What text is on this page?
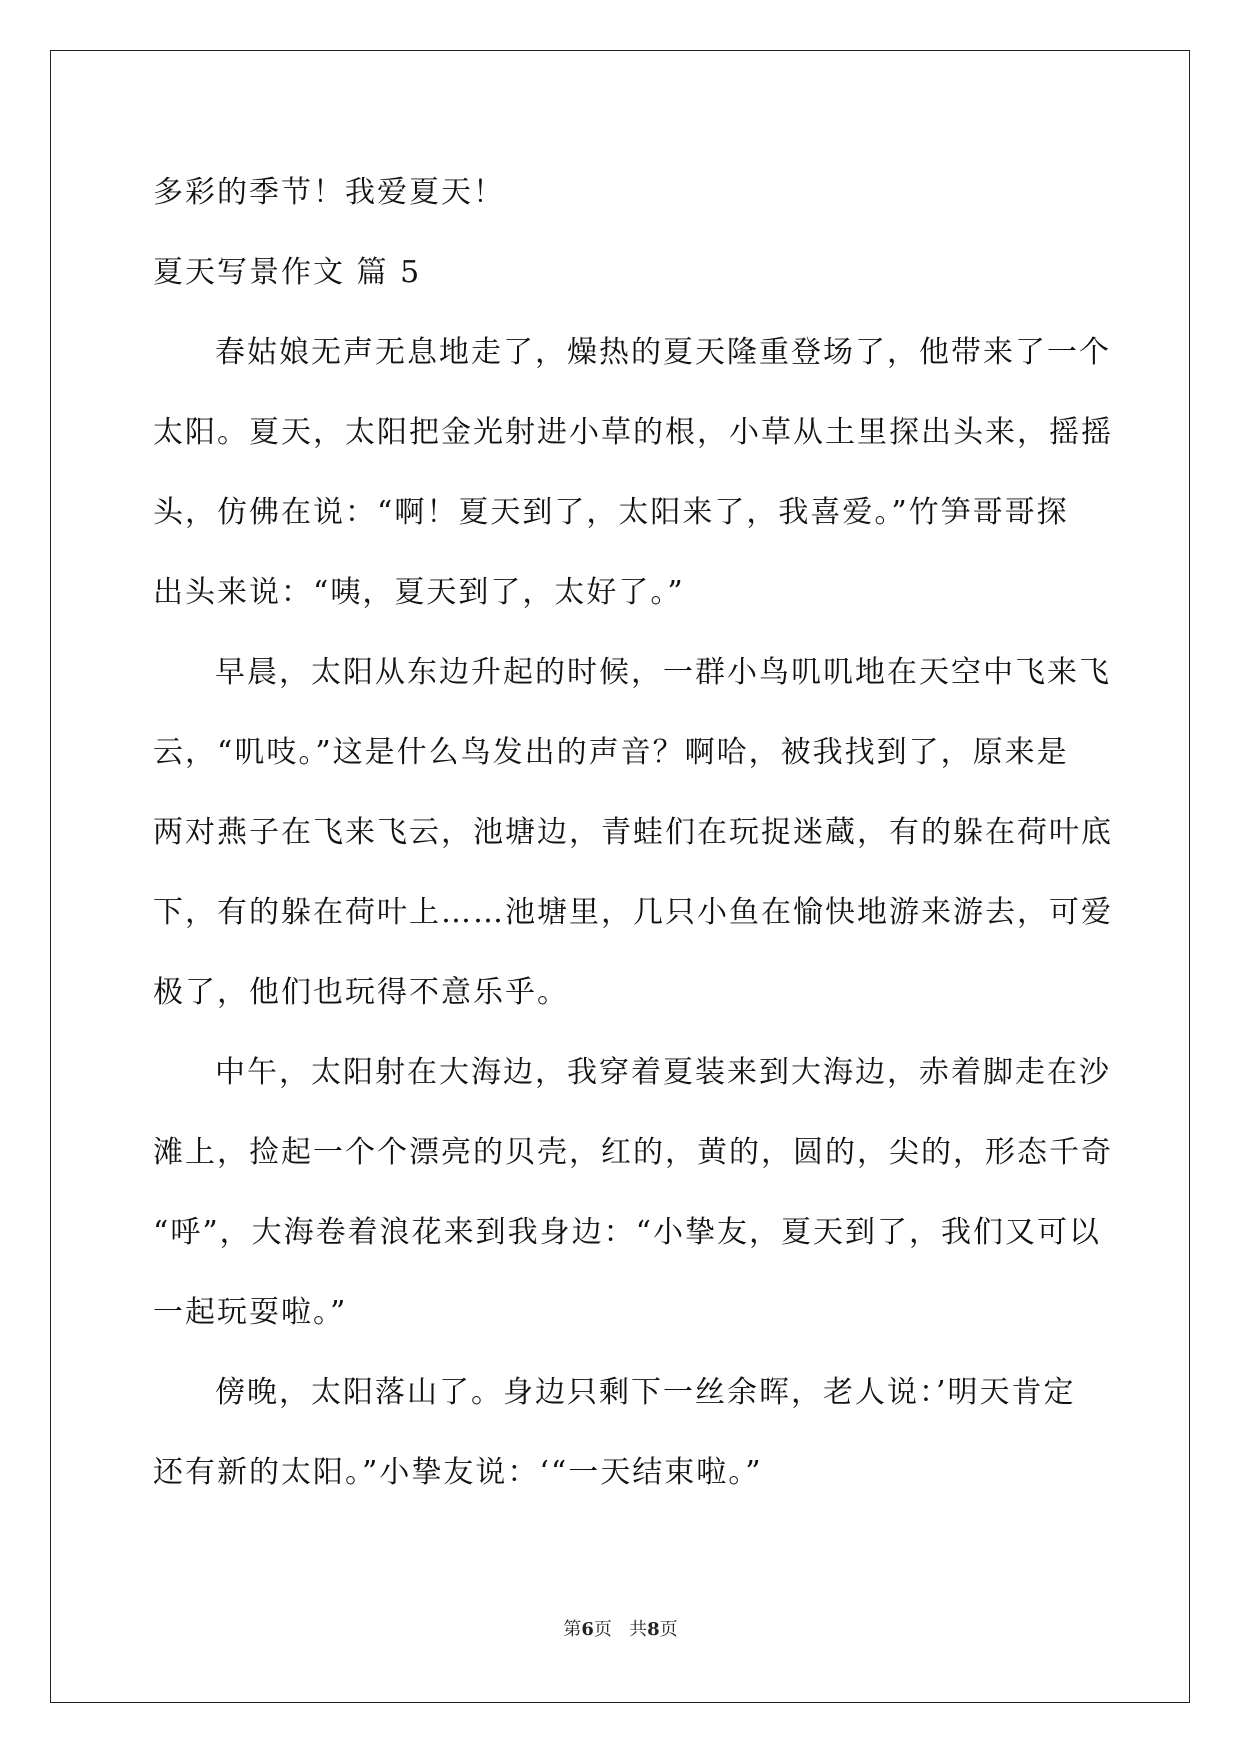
多彩的季节！我爱夏天！

夏天写景作文 篇 5

春姑娘无声无息地走了，燥热的夏天隆重登场了，他带来了一个

太阳。夏天，太阳把金光射进小草的根，小草从土里探出头来，摇摇

头，仿佛在说：“啊！夏天到了，太阳来了，我喜爱。”竹笋哥哥探

出头来说：“咦，夏天到了，太好了。”

早晨，太阳从东边升起的时候，一群小鸟叽叽地在天空中飞来飞

云，“叽吱。”这是什么鸟发出的声音？啊哈，被我找到了，原来是

两对燕子在飞来飞云，池塘边，青蛙们在玩捉迷蔵，有的躲在荷叶底

下，有的躲在荷叶上……池塘里，几只小鱼在愉快地游来游去，可爱

极了，他们也玩得不意乐乎。

中午，太阳射在大海边，我穿着夏装来到大海边，赤着脚走在沙

滩上，捡起一个个漂亮的贝壳，红的，黄的，圆的，尖的，形态千奇

“呼”，大海卷着浪花来到我身边：“小挚友，夏天到了，我们又可以

一起玩耍啦。”

傍晚，太阳落山了。身边只剩下一丝余晖，老人说：’明天肯定

还有新的太阳。”小挚友说：‘“一天结束啦。”

第6页 共8页
